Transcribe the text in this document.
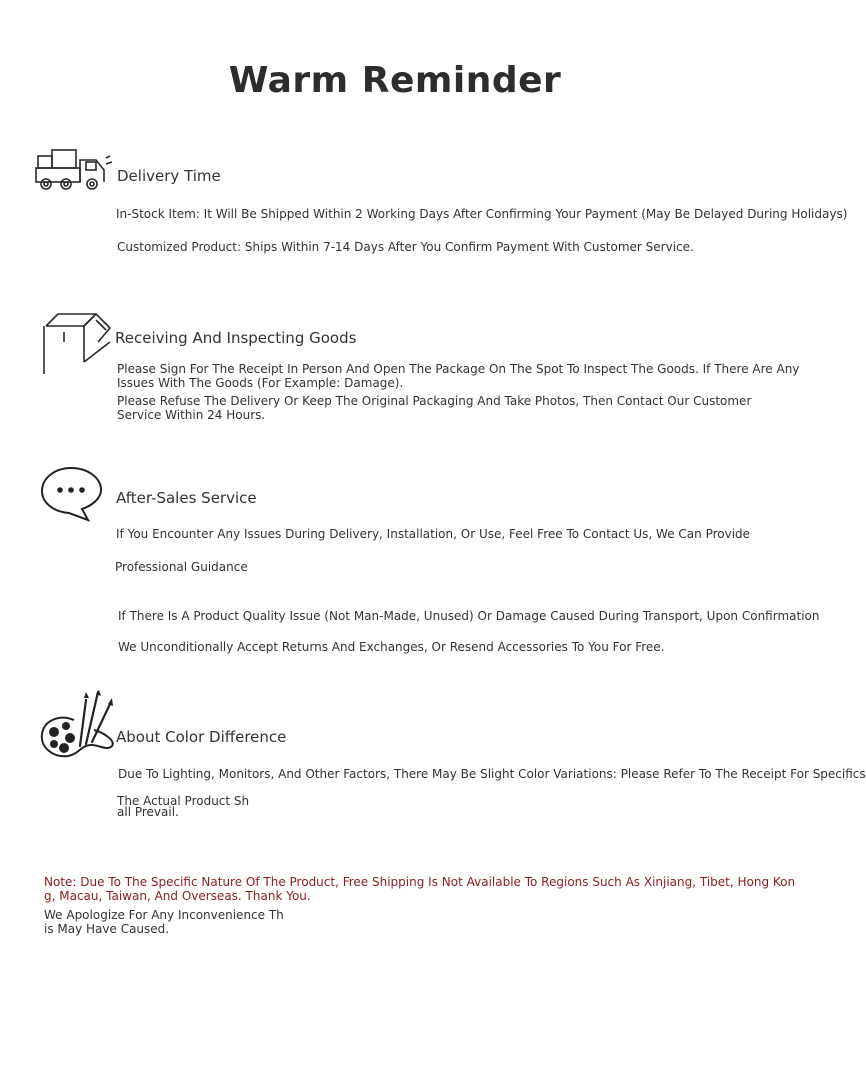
Warm Reminder
Delivery Time
In-Stock Item: It Will Be Shipped Within 2 Working Days After Confirming Your Payment (May Be Delayed During Holidays)
Customized Product: Ships Within 7-14 Days After You Confirm Payment With Customer Service.
Receiving And Inspecting Goods
Please Sign For The Receipt In Person And Open The Package On The Spot To Inspect The Goods. If There Are Any
Issues With The Goods (For Example: Damage).
Please Refuse The Delivery Or Keep The Original Packaging And Take Photos, Then Contact Our Customer
Service Within 24 Hours.
After-Sales Service
If You Encounter Any Issues During Delivery, Installation, Or Use, Feel Free To Contact Us, We Can Provide
Professional Guidance
If There Is A Product Quality Issue (Not Man-Made, Unused) Or Damage Caused During Transport, Upon Confirmation
We Unconditionally Accept Returns And Exchanges, Or Resend Accessories To You For Free.
About Color Difference
Due To Lighting, Monitors, And Other Factors, There May Be Slight Color Variations: Please Refer To The Receipt For Specifics
The Actual Product Sh
all Prevail.
Note: Due To The Specific Nature Of The Product, Free Shipping Is Not Available To Regions Such As Xinjiang, Tibet, Hong Kon
g, Macau, Taiwan, And Overseas. Thank You.
We Apologize For Any Inconvenience Th
is May Have Caused.
